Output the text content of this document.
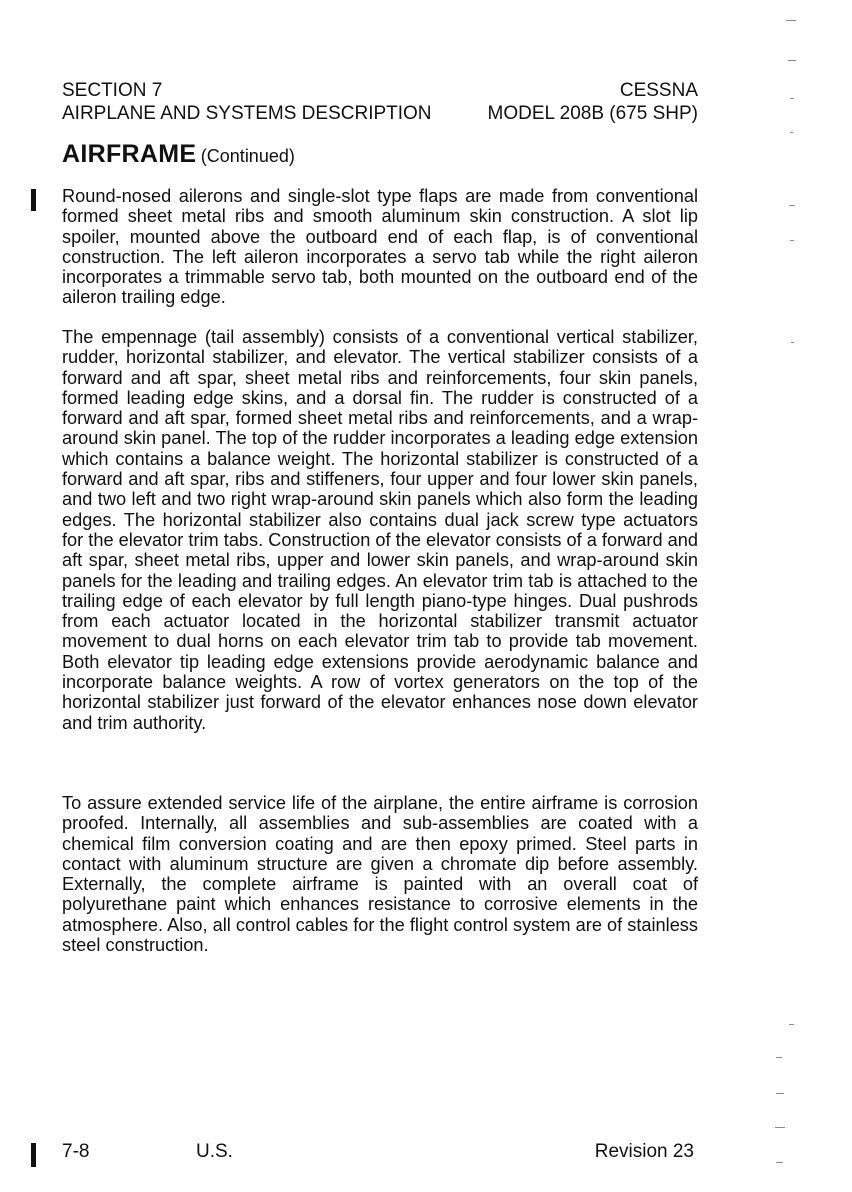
SECTION 7
AIRPLANE AND SYSTEMS DESCRIPTION
CESSNA
MODEL 208B (675 SHP)
AIRFRAME (Continued)

Round-nosed ailerons and single-slot type flaps are made from conventional formed sheet metal ribs and smooth aluminum skin construction. A slot lip spoiler, mounted above the outboard end of each flap, is of conventional construction. The left aileron incorporates a servo tab while the right aileron incorporates a trimmable servo tab, both mounted on the outboard end of the aileron trailing edge.

The empennage (tail assembly) consists of a conventional vertical stabilizer, rudder, horizontal stabilizer, and elevator. The vertical stabilizer consists of a forward and aft spar, sheet metal ribs and reinforcements, four skin panels, formed leading edge skins, and a dorsal fin. The rudder is constructed of a forward and aft spar, formed sheet metal ribs and reinforcements, and a wrap-around skin panel. The top of the rudder incorporates a leading edge extension which contains a balance weight. The horizontal stabilizer is constructed of a forward and aft spar, ribs and stiffeners, four upper and four lower skin panels, and two left and two right wrap-around skin panels which also form the leading edges. The horizontal stabilizer also contains dual jack screw type actuators for the elevator trim tabs. Construction of the elevator consists of a forward and aft spar, sheet metal ribs, upper and lower skin panels, and wrap-around skin panels for the leading and trailing edges. An elevator trim tab is attached to the trailing edge of each elevator by full length piano-type hinges. Dual pushrods from each actuator located in the horizontal stabilizer transmit actuator movement to dual horns on each elevator trim tab to provide tab movement. Both elevator tip leading edge extensions provide aerodynamic balance and incorporate balance weights. A row of vortex generators on the top of the horizontal stabilizer just forward of the elevator enhances nose down elevator and trim authority.

To assure extended service life of the airplane, the entire airframe is corrosion proofed. Internally, all assemblies and sub-assemblies are coated with a chemical film conversion coating and are then epoxy primed. Steel parts in contact with aluminum structure are given a chromate dip before assembly. Externally, the complete airframe is painted with an overall coat of polyurethane paint which enhances resistance to corrosive elements in the atmosphere. Also, all control cables for the flight control system are of stainless steel construction.

7-8	U.S.	Revision 23
